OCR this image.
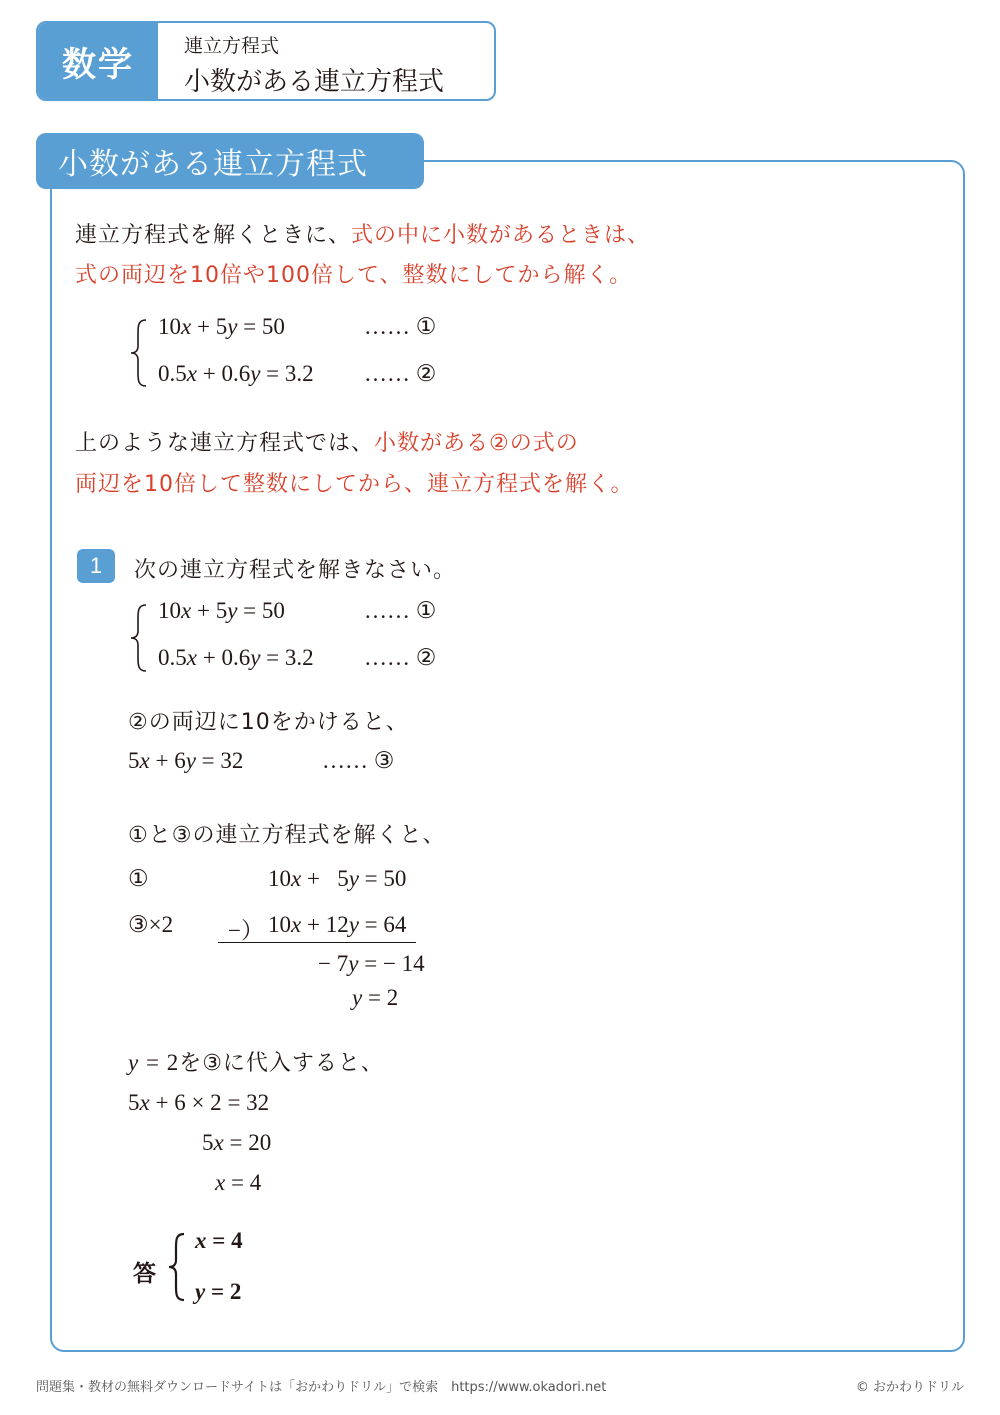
数学	連立方程式
小数がある連立方程式
小数がある連立方程式
連立方程式を解くときに、式の中に小数があるときは、
式の両辺を10倍や100倍して、整数にしてから解く。
10x + 5y = 50	…… ①
0.5x + 0.6y = 3.2 …… ②
上のような連立方程式では、小数がある②の式の
両辺を10倍して整数にしてから、連立方程式を解く。
1	次の連立方程式を解きなさい。
10x + 5y = 50	…… ①
0.5x + 0.6y = 3.2 …… ②
②の両辺に10をかけると、
5x + 6y = 32	…… ③
①と③の連立方程式を解くと、
①	10x +   5y = 50
③×2 −） 10x + 12y = 64
− 7y = − 14
y = 2
y = 2を③に代入すると、
5x + 6 × 2 = 32
5x = 20
x = 4
答
x = 4
y = 2
問題集・教材の無料ダウンロードサイトは「おかわりドリル」で検索　https://www.okadori.net	© おかわりドリル
